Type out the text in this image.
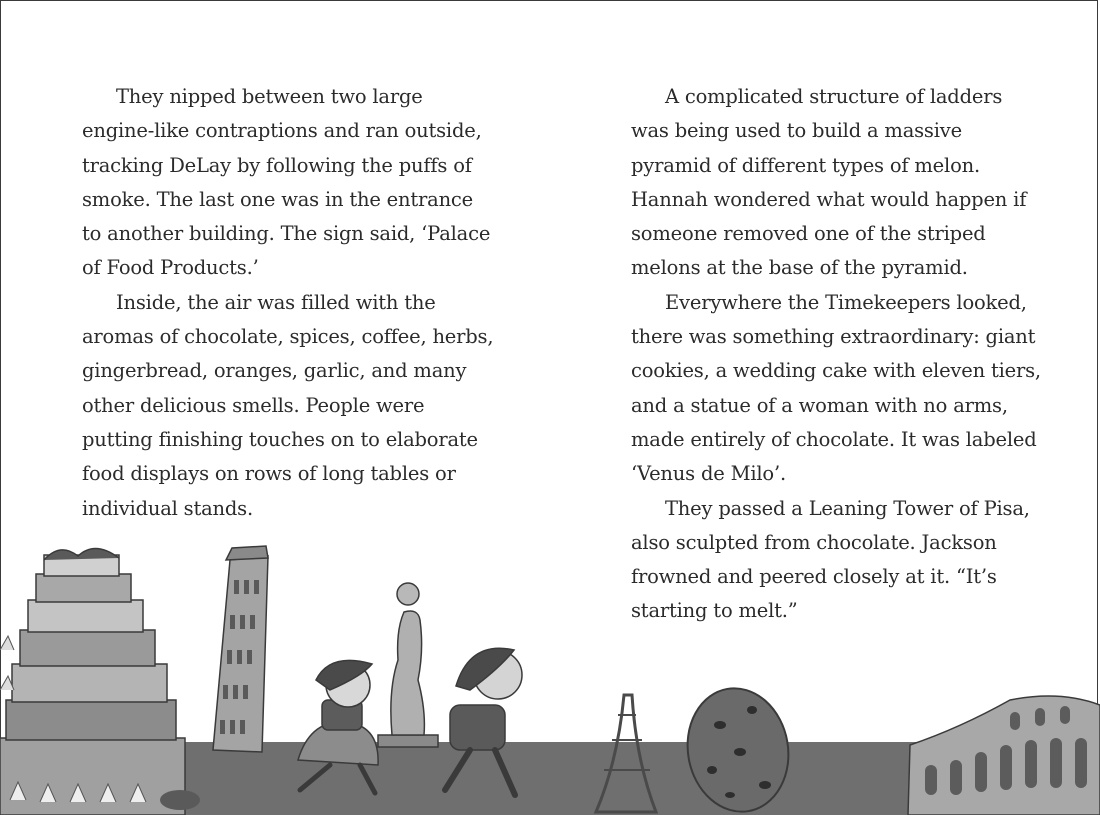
They nipped between two large
engine-like contraptions and ran outside,
tracking DeLay by following the puffs of
smoke. The last one was in the entrance
to another building. The sign said, ‘Palace
of Food Products.’

Inside, the air was filled with the
aromas of chocolate, spices, coffee, herbs,
gingerbread, oranges, garlic, and many
other delicious smells. People were
putting finishing touches on to elaborate
food displays on rows of long tables or
individual stands.

A complicated structure of ladders
was being used to build a massive
pyramid of different types of melon.
Hannah wondered what would happen if
someone removed one of the striped
melons at the base of the pyramid.

Everywhere the Timekeepers looked,
there was something extraordinary: giant
cookies, a wedding cake with eleven tiers,
and a statue of a woman with no arms,
made entirely of chocolate. It was labeled
‘Venus de Milo’.

They passed a Leaning Tower of Pisa,
also sculpted from chocolate. Jackson
frowned and peered closely at it. “It’s
starting to melt.”
